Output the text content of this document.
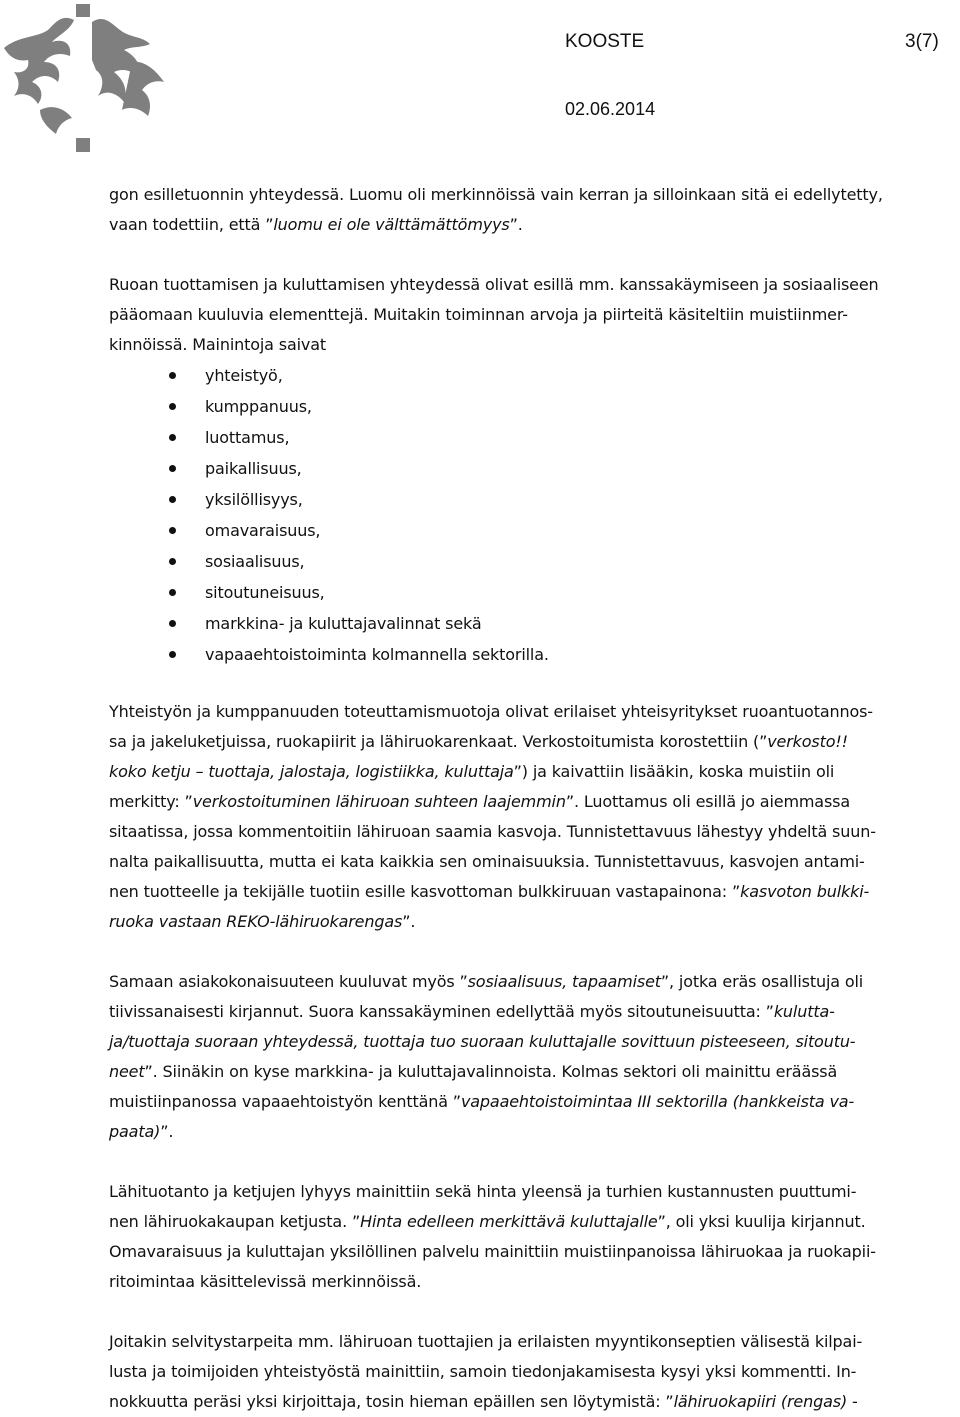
KOOSTE	3(7)
02.06.2014
gon esilletuonnin yhteydessä. Luomu oli merkinnöissä vain kerran ja silloinkaan sitä ei edellytetty,
vaan todettiin, että ”luomu ei ole välttämättömyys”.
Ruoan tuottamisen ja kuluttamisen yhteydessä olivat esillä mm. kanssakäymiseen ja sosiaaliseen
pääomaan kuuluvia elementtejä. Muitakin toiminnan arvoja ja piirteitä käsiteltiin muistiinmer-
kinnöissä. Mainintoja saivat
yhteistyö,
kumppanuus,
luottamus,
paikallisuus,
yksilöllisyys,
omavaraisuus,
sosiaalisuus,
sitoutuneisuus,
markkina- ja kuluttajavalinnat sekä
vapaaehtoistoiminta kolmannella sektorilla.
Yhteistyön ja kumppanuuden toteuttamismuotoja olivat erilaiset yhteisyritykset ruoantuotannos-
sa ja jakeluketjuissa, ruokapiirit ja lähiruokarenkaat. Verkostoitumista korostettiin (”verkosto!!
koko ketju – tuottaja, jalostaja, logistiikka, kuluttaja”) ja kaivattiin lisääkin, koska muistiin oli
merkitty: ”verkostoituminen lähiruoan suhteen laajemmin”. Luottamus oli esillä jo aiemmassa
sitaatissa, jossa kommentoitiin lähiruoan saamia kasvoja. Tunnistettavuus lähestyy yhdeltä suun-
nalta paikallisuutta, mutta ei kata kaikkia sen ominaisuuksia. Tunnistettavuus, kasvojen antami-
nen tuotteelle ja tekijälle tuotiin esille kasvottoman bulkkiruuan vastapainona: ”kasvoton bulkki-
ruoka vastaan REKO-lähiruokarengas”.
Samaan asiakokonaisuuteen kuuluvat myös ”sosiaalisuus, tapaamiset”, jotka eräs osallistuja oli
tiivissanaisesti kirjannut. Suora kanssakäyminen edellyttää myös sitoutuneisuutta: ”kulutta-
ja/tuottaja suoraan yhteydessä, tuottaja tuo suoraan kuluttajalle sovittuun pisteeseen, sitoutu-
neet”. Siinäkin on kyse markkina- ja kuluttajavalinnoista. Kolmas sektori oli mainittu eräässä
muistiinpanossa vapaaehtoistyön kenttänä ”vapaaehtoistoimintaa III sektorilla (hankkeista va-
paata)”.
Lähituotanto ja ketjujen lyhyys mainittiin sekä hinta yleensä ja turhien kustannusten puuttumi-
nen lähiruokakaupan ketjusta. ”Hinta edelleen merkittävä kuluttajalle”, oli yksi kuulija kirjannut.
Omavaraisuus ja kuluttajan yksilöllinen palvelu mainittiin muistiinpanoissa lähiruokaa ja ruokapii-
ritoimintaa käsittelevissä merkinnöissä.
Joitakin selvitystarpeita mm. lähiruoan tuottajien ja erilaisten myyntikonseptien välisestä kilpai-
lusta ja toimijoiden yhteistyöstä mainittiin, samoin tiedonjakamisesta kysyi yksi kommentti. In-
nokkuutta peräsi yksi kirjoittaja, tosin hieman epäillen sen löytymistä: ”lähiruokapiiri (rengas) -
